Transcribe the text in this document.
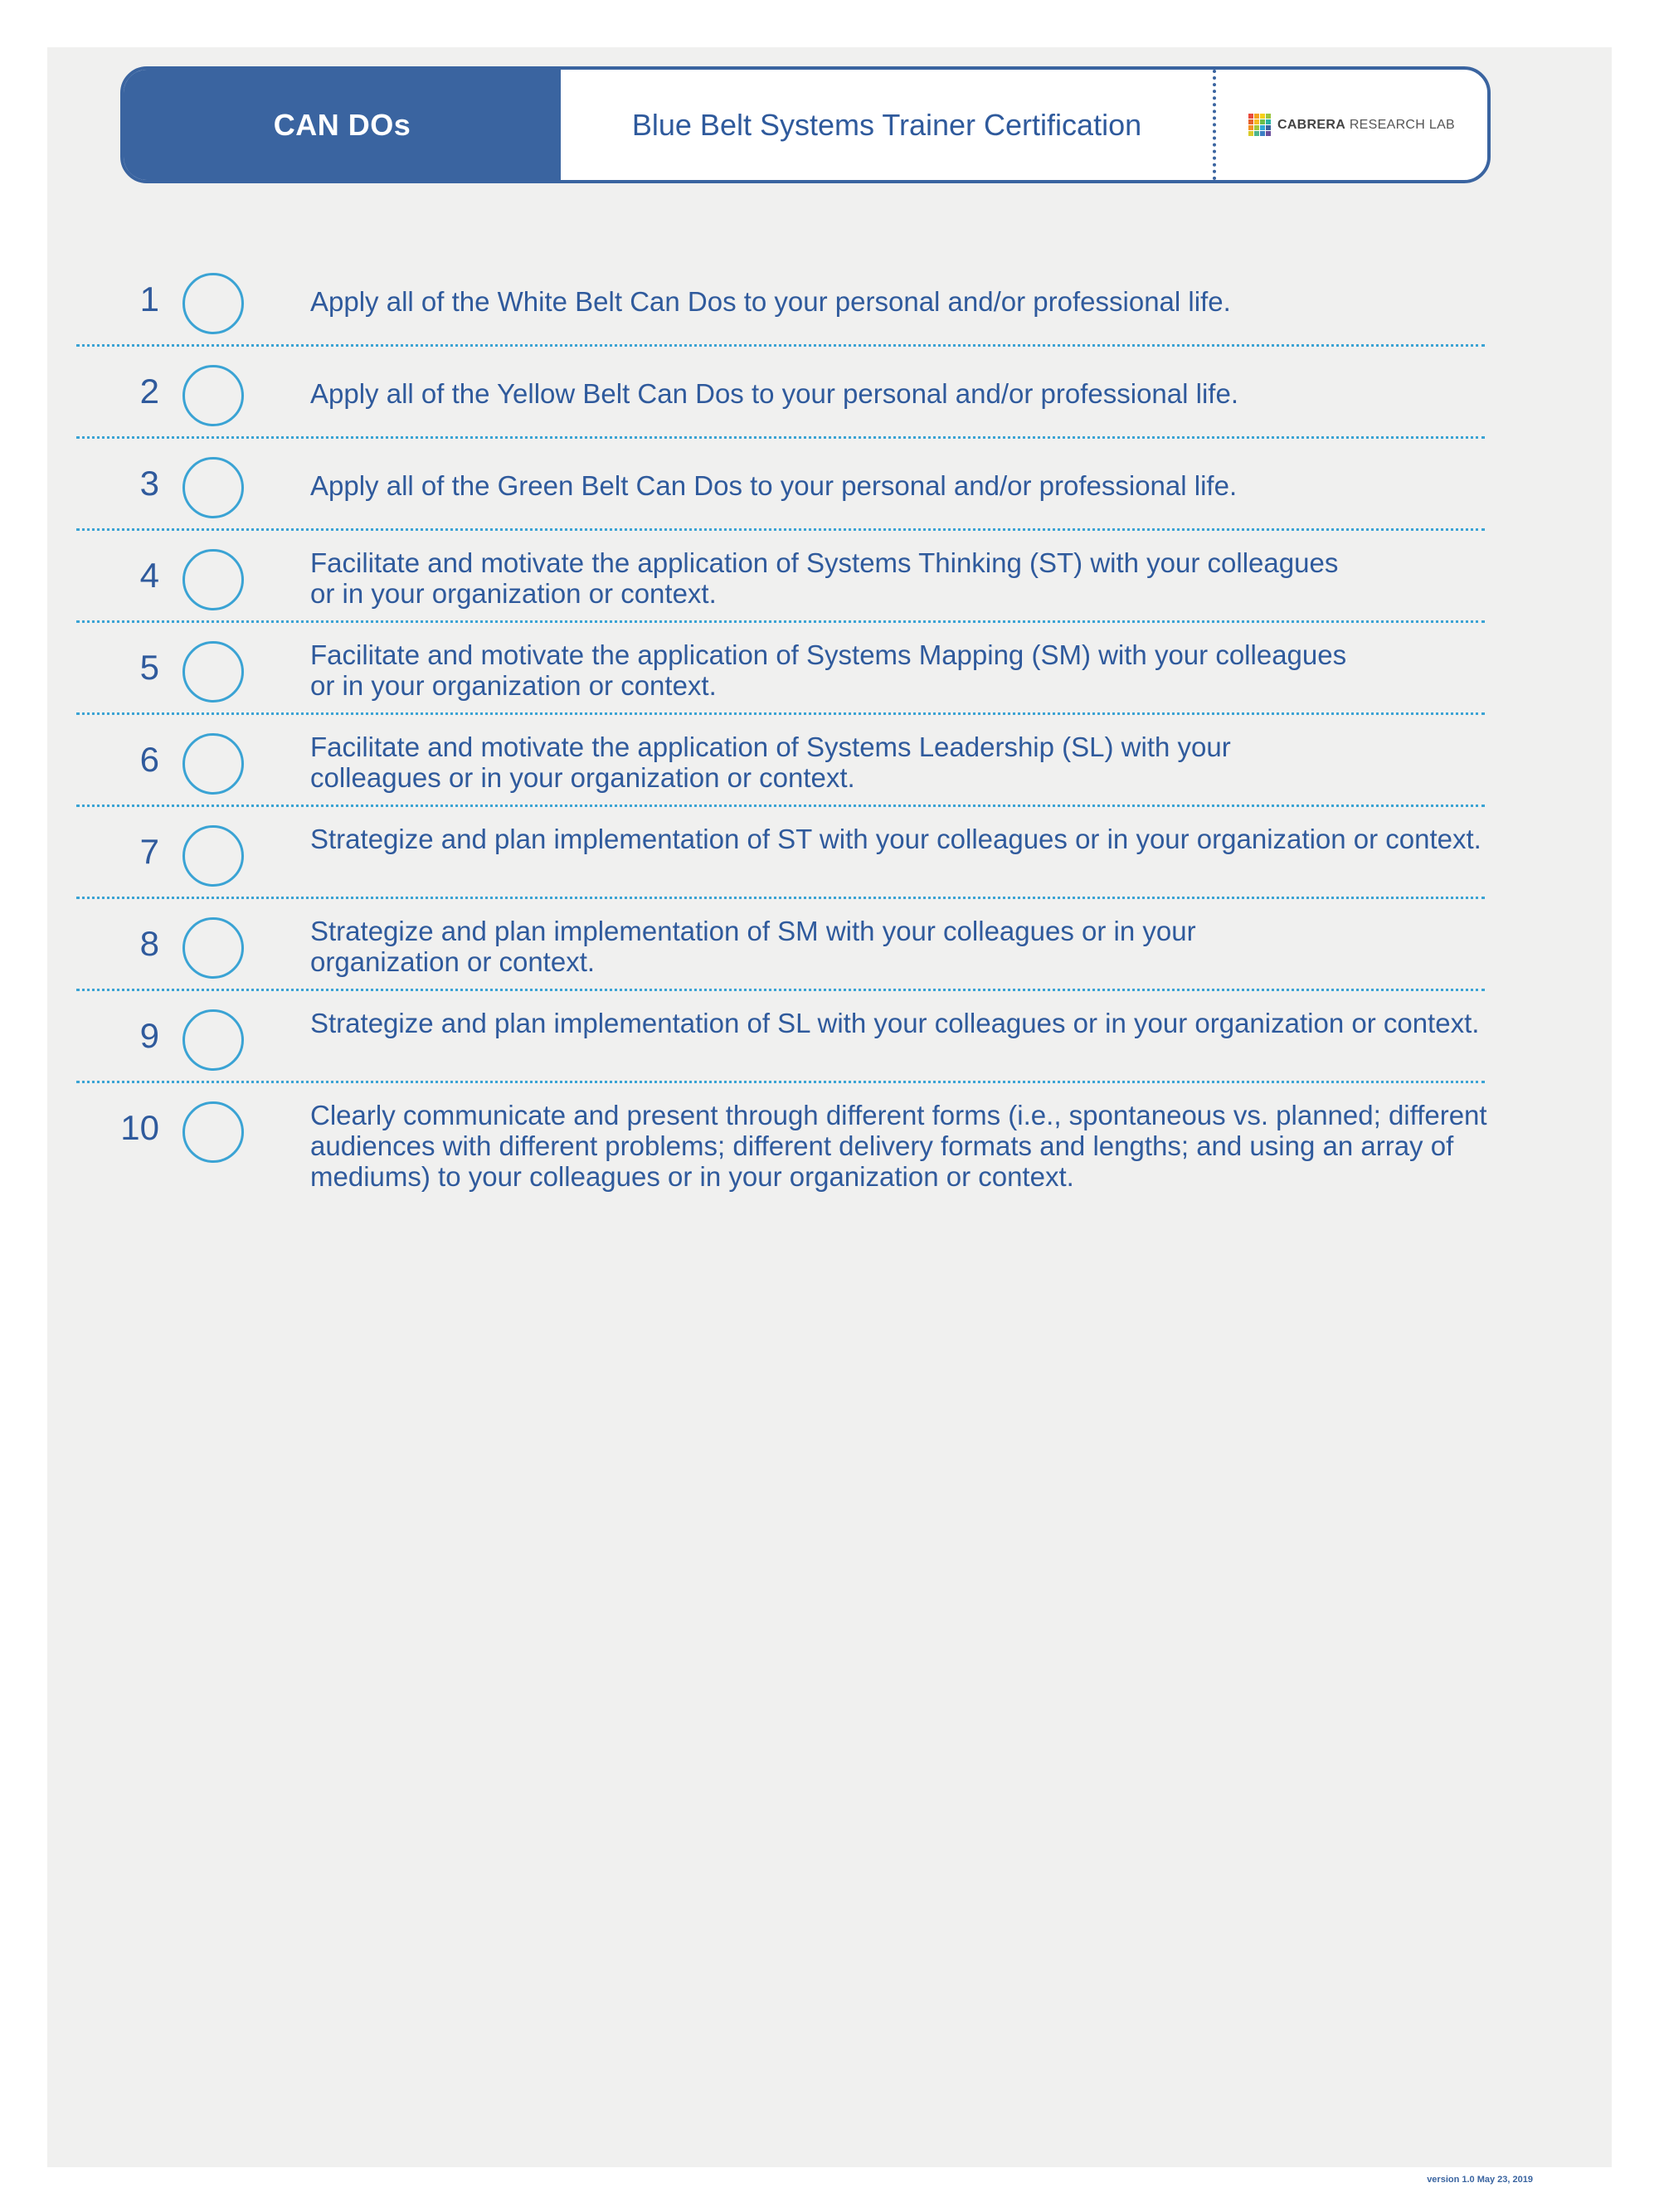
CAN DOs	Blue Belt Systems Trainer Certification	CABRERA RESEARCH LAB
1	Apply all of the White Belt Can Dos to your personal and/or professional life.
2	Apply all of the Yellow Belt Can Dos to your personal and/or professional life.
3	Apply all of the Green Belt Can Dos to your personal and/or professional life.
4	Facilitate and motivate the application of Systems Thinking (ST) with your colleagues or in your organization or context.
5	Facilitate and motivate the application of Systems Mapping (SM) with your colleagues or in your organization or context.
6	Facilitate and motivate the application of Systems Leadership (SL) with your colleagues or in your organization or context.
7	Strategize and plan implementation of ST with your colleagues or in your organization or context.
8	Strategize and plan implementation of SM with your colleagues or in your organization or context.
9	Strategize and plan implementation of SL with your colleagues or in your organization or context.
10	Clearly communicate and present through different forms (i.e., spontaneous vs. planned; different audiences with different problems; different delivery formats and lengths; and using an array of mediums) to your colleagues or in your organization or context.
version 1.0 May 23, 2019
